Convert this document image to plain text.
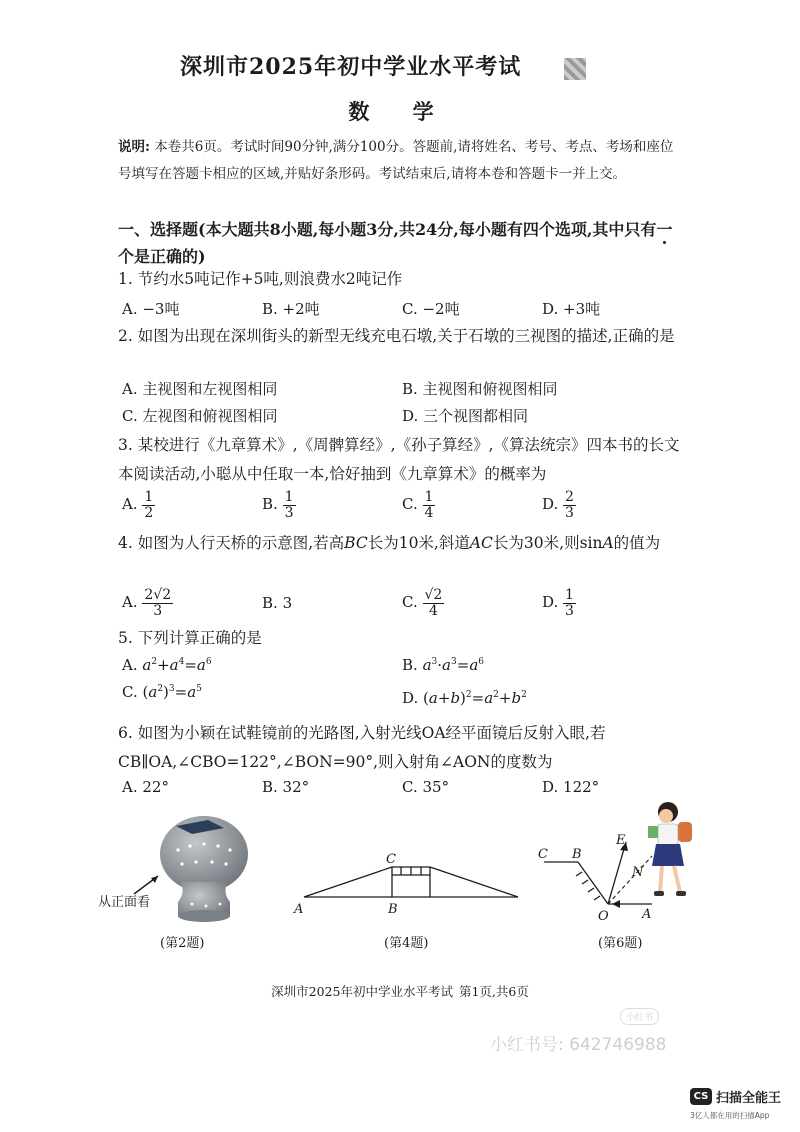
深圳市2025年初中学业水平考试
数 学
说明: 本卷共6页。考试时间90分钟,满分100分。答题前,请将姓名、考号、考点、考场和座位号填写在答题卡相应的区域,并贴好条形码。考试结束后,请将本卷和答题卡一并上交。
一、选择题(本大题共8小题,每小题3分,共24分,每小题有四个选项,其中只有一个是正确的)
1. 节约水5吨记作+5吨,则浪费水2吨记作
A. −3吨	B. +2吨	C. −2吨	D. +3吨
2. 如图为出现在深圳街头的新型无线充电石墩,关于石墩的三视图的描述,正确的是
A. 主视图和左视图相同	B. 主视图和俯视图相同
C. 左视图和俯视图相同	D. 三个视图都相同
3. 某校进行《九章算术》,《周髀算经》,《孙子算经》,《算法统宗》四本书的长文本阅读活动,小聪从中任取一本,恰好抽到《九章算术》的概率为
A. $\frac{1}{2}$	B. $\frac{1}{3}$	C. $\frac{1}{4}$	D. $\frac{2}{3}$
4. 如图为人行天桥的示意图,若高BC长为10米,斜道AC长为30米,则sinA的值为
A. $\frac{2√2}{3}$	B. 3	C. $\frac{√2}{4}$	D. $\frac{1}{3}$
5. 下列计算正确的是
A. $a^2+a^4=a^6$	B. $a^3\cdot a^3=a^6$
C. $(a^2)^3=a^5$	D. $(a+b)^2=a^2+b^2$
6. 如图为小颖在试鞋镜前的光路图,入射光线OA经平面镜后反射入眼,若CB∥OA,∠CBO=122°,∠BON=90°,则入射角∠AON的度数为
A. 22°	B. 32°	C. 35°	D. 122°
从正面看
(第2题)
A	B
C
(第4题)
C B
E
N
O	A
(第6题)
深圳市2025年初中学业水平考试 第1页,共6页
小红书
小红书号: 642746988
CS 扫描全能王
3亿人都在用的扫描App
